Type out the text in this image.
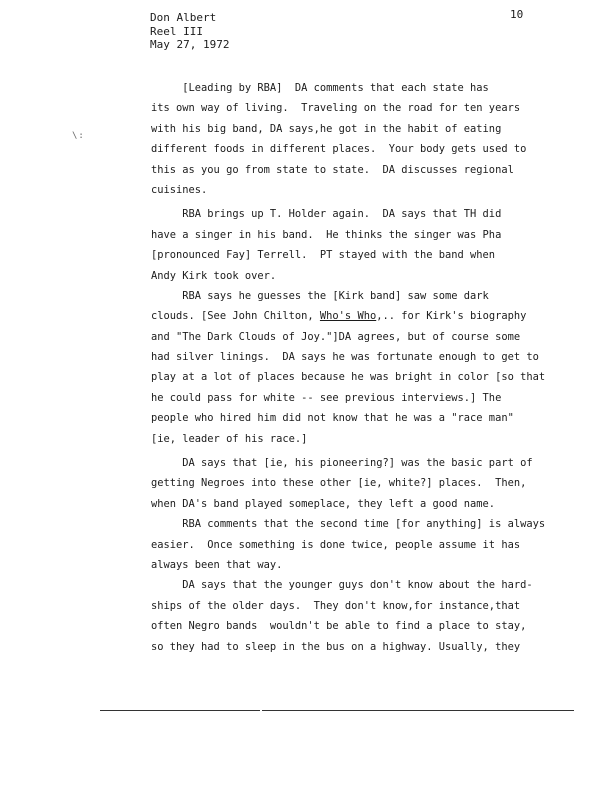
Don Albert
Reel III
May 27, 1972
10
\:
[Leading by RBA]  DA comments that each state has
its own way of living.  Traveling on the road for ten years
with his big band, DA says,he got in the habit of eating
different foods in different places.  Your body gets used to
this as you go from state to state.  DA discusses regional
cuisines.
RBA brings up T. Holder again.  DA says that TH did
have a singer in his band.  He thinks the singer was Pha
[pronounced Fay] Terrell.  PT stayed with the band when
Andy Kirk took over.
RBA says he guesses the [Kirk band] saw some dark
clouds. [See John Chilton, Who's Who,.. for Kirk's biography
and "The Dark Clouds of Joy."]DA agrees, but of course some
had silver linings.  DA says he was fortunate enough to get to
play at a lot of places because he was bright in color [so that
he could pass for white -- see previous interviews.] The
people who hired him did not know that he was a "race man"
[ie, leader of his race.]
DA says that [ie, his pioneering?] was the basic part of
getting Negroes into these other [ie, white?] places.  Then,
when DA's band played someplace, they left a good name.
RBA comments that the second time [for anything] is always
easier.  Once something is done twice, people assume it has
always been that way.
DA says that the younger guys don't know about the hard-
ships of the older days.  They don't know,for instance,that
often Negro bands  wouldn't be able to find a place to stay,
so they had to sleep in the bus on a highway. Usually, they
